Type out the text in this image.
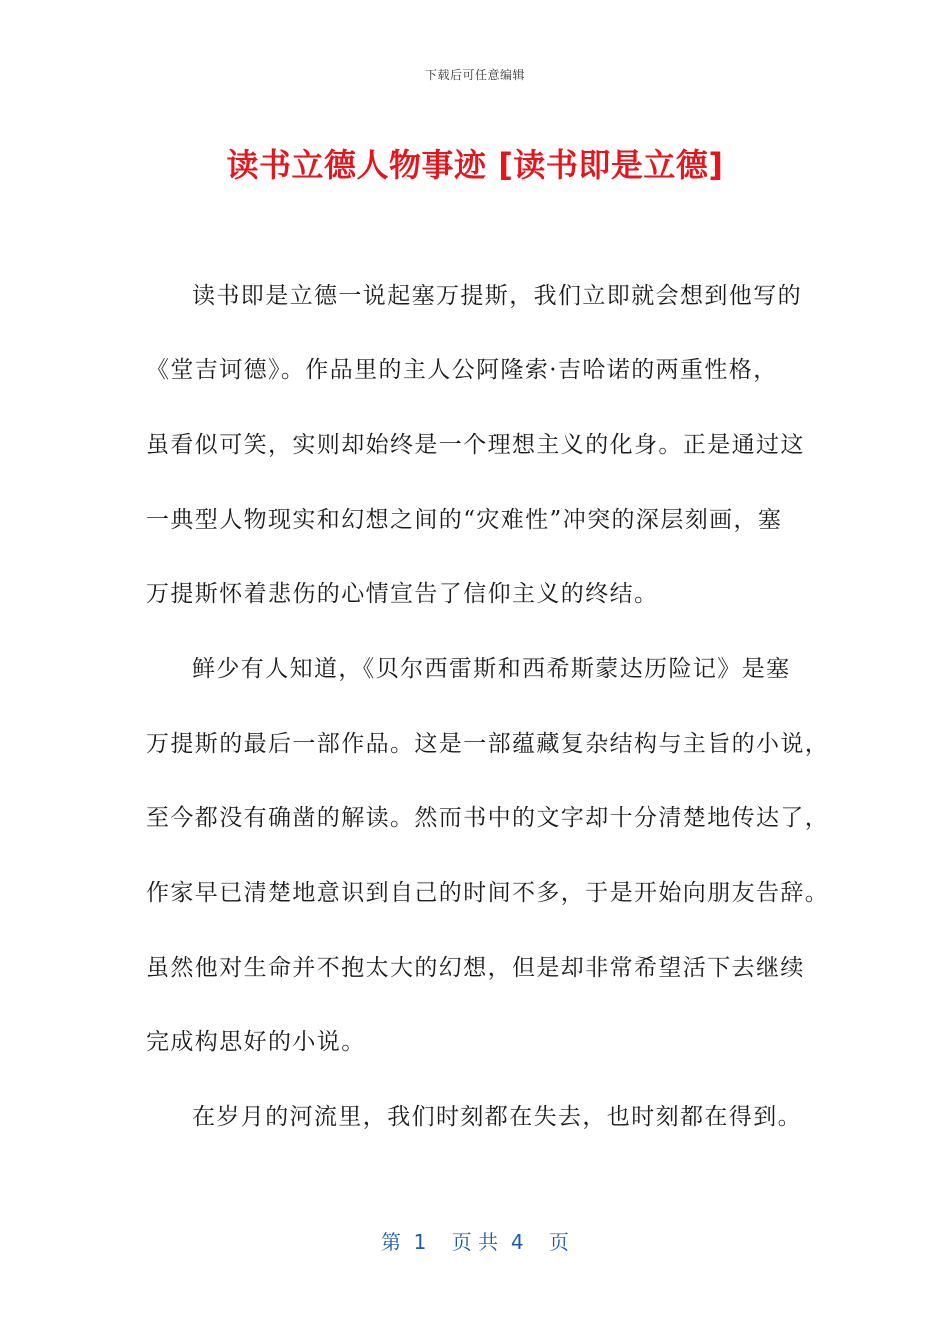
下载后可任意编辑
读书立德人物事迹 [读书即是立德]
读书即是立德一说起塞万提斯，我们立即就会想到他写的
《堂吉诃德》。作品里的主人公阿隆索·吉哈诺的两重性格，
虽看似可笑，实则却始终是一个理想主义的化身。正是通过这
一典型人物现实和幻想之间的“灾难性”冲突的深层刻画，塞
万提斯怀着悲伤的心情宣告了信仰主义的终结。
鲜少有人知道，《贝尔西雷斯和西希斯蒙达历险记》是塞
万提斯的最后一部作品。这是一部蕴藏复杂结构与主旨的小说，
至今都没有确凿的解读。然而书中的文字却十分清楚地传达了，
作家早已清楚地意识到自己的时间不多，于是开始向朋友告辞。
虽然他对生命并不抱太大的幻想，但是却非常希望活下去继续
完成构思好的小说。
在岁月的河流里，我们时刻都在失去，也时刻都在得到。
第  1    页 共  4    页
